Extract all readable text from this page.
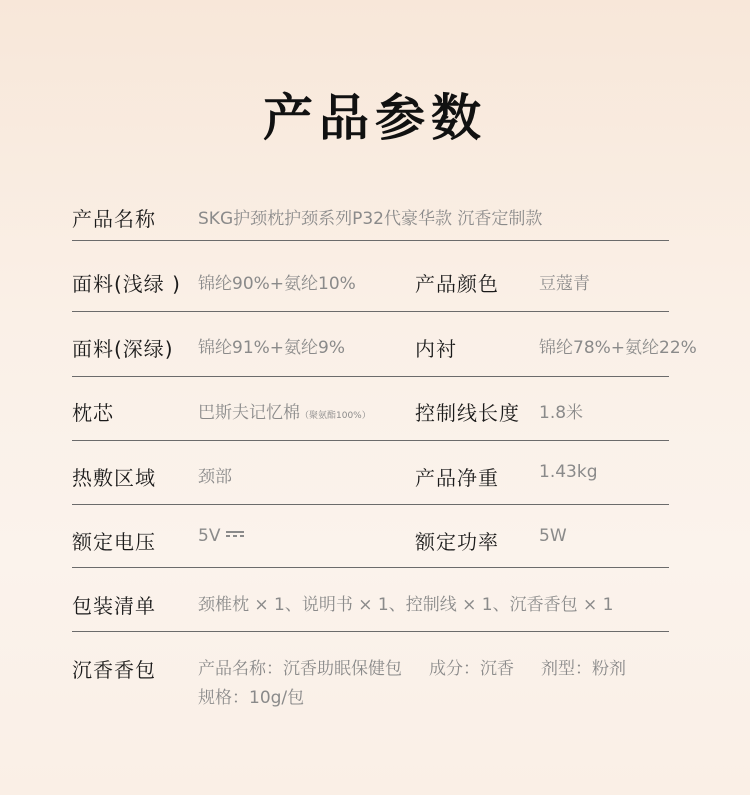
产品参数
产品名称 SKG护颈枕护颈系列P32代豪华款 沉香定制款
面料(浅绿 ) 锦纶90%+氨纶10%	产品颜色 豆蔻青
面料(深绿) 锦纶91%+氨纶9%	内衬	锦纶78%+氨纶22%
枕芯	巴斯夫记忆棉（聚氨酯100%） 控制线长度 1.8米
热敷区域 颈部	产品净重 1.43kg
额定电压 5V	额定功率 5W
包装清单 颈椎枕 × 1、说明书 × 1、控制线 × 1、沉香香包 × 1
沉香香包 产品名称：沉香助眠保健包     成分：沉香     剂型：粉剂
规格：10g/包
